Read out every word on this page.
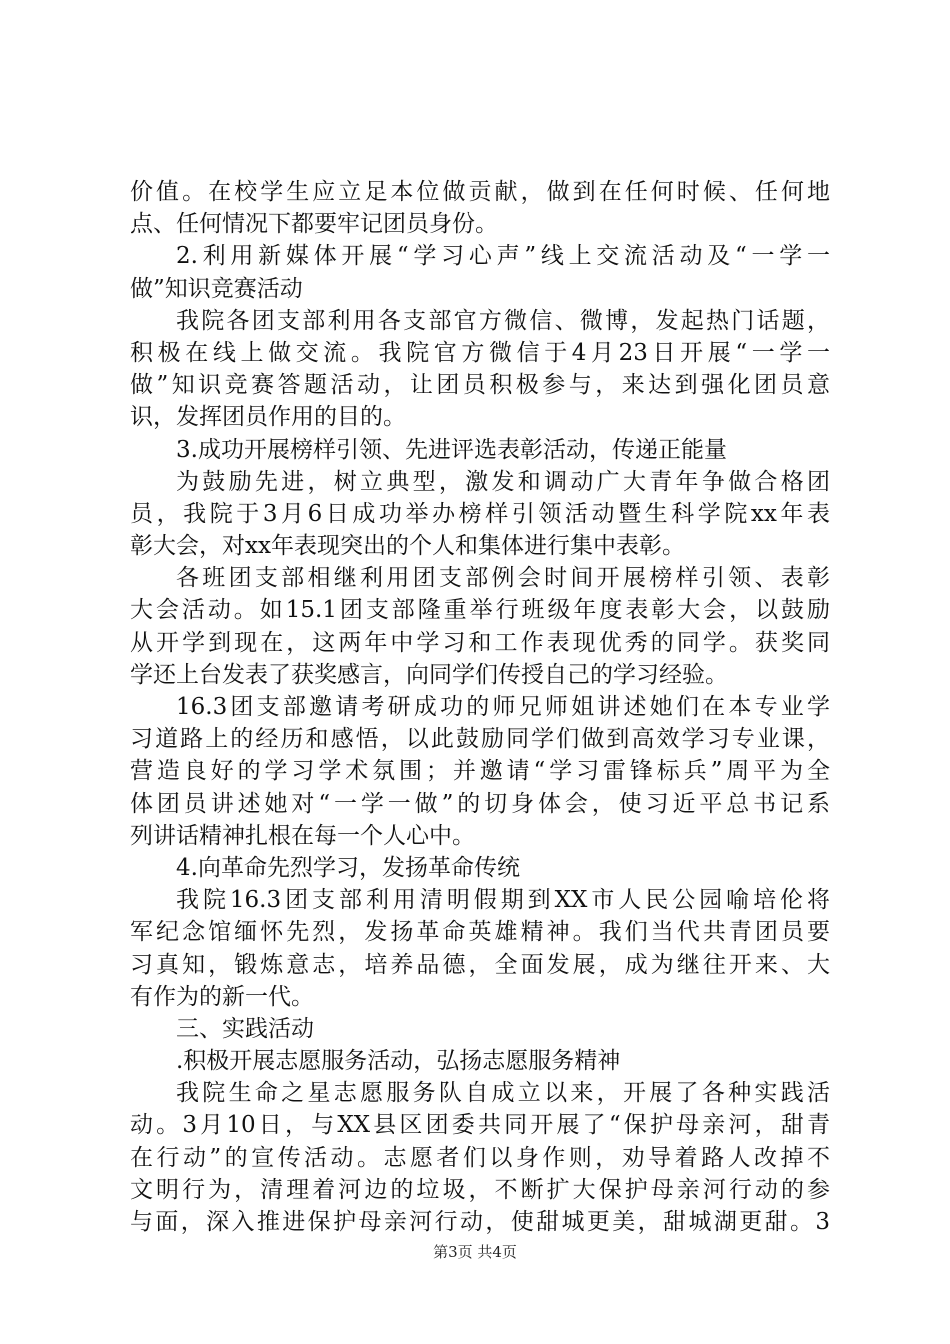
价值。在校学生应立足本位做贡献，做到在任何时候、任何地
点、任何情况下都要牢记团员身份。
2.利用新媒体开展“学习心声”线上交流活动及“一学一
做”知识竞赛活动
我院各团支部利用各支部官方微信、微博，发起热门话题，
积极在线上做交流。我院官方微信于4月23日开展“一学一
做”知识竞赛答题活动，让团员积极参与，来达到强化团员意
识，发挥团员作用的目的。
3.成功开展榜样引领、先进评选表彰活动，传递正能量
为鼓励先进，树立典型，激发和调动广大青年争做合格团
员，我院于3月6日成功举办榜样引领活动暨生科学院xx年表
彰大会，对xx年表现突出的个人和集体进行集中表彰。
各班团支部相继利用团支部例会时间开展榜样引领、表彰
大会活动。如15.1团支部隆重举行班级年度表彰大会，以鼓励
从开学到现在，这两年中学习和工作表现优秀的同学。获奖同
学还上台发表了获奖感言，向同学们传授自己的学习经验。
16.3团支部邀请考研成功的师兄师姐讲述她们在本专业学
习道路上的经历和感悟，以此鼓励同学们做到高效学习专业课，
营造良好的学习学术氛围；并邀请“学习雷锋标兵”周平为全
体团员讲述她对“一学一做”的切身体会，使习近平总书记系
列讲话精神扎根在每一个人心中。
4.向革命先烈学习，发扬革命传统
我院16.3团支部利用清明假期到XX市人民公园喻培伦将
军纪念馆缅怀先烈，发扬革命英雄精神。我们当代共青团员要
习真知，锻炼意志，培养品德，全面发展，成为继往开来、大
有作为的新一代。
三、实践活动
.积极开展志愿服务活动，弘扬志愿服务精神
我院生命之星志愿服务队自成立以来，开展了各种实践活
动。3月10日，与XX县区团委共同开展了“保护母亲河，甜青
在行动”的宣传活动。志愿者们以身作则，劝导着路人改掉不
文明行为，清理着河边的垃圾，不断扩大保护母亲河行动的参
与面，深入推进保护母亲河行动，使甜城更美，甜城湖更甜。3
第3页 共4页
